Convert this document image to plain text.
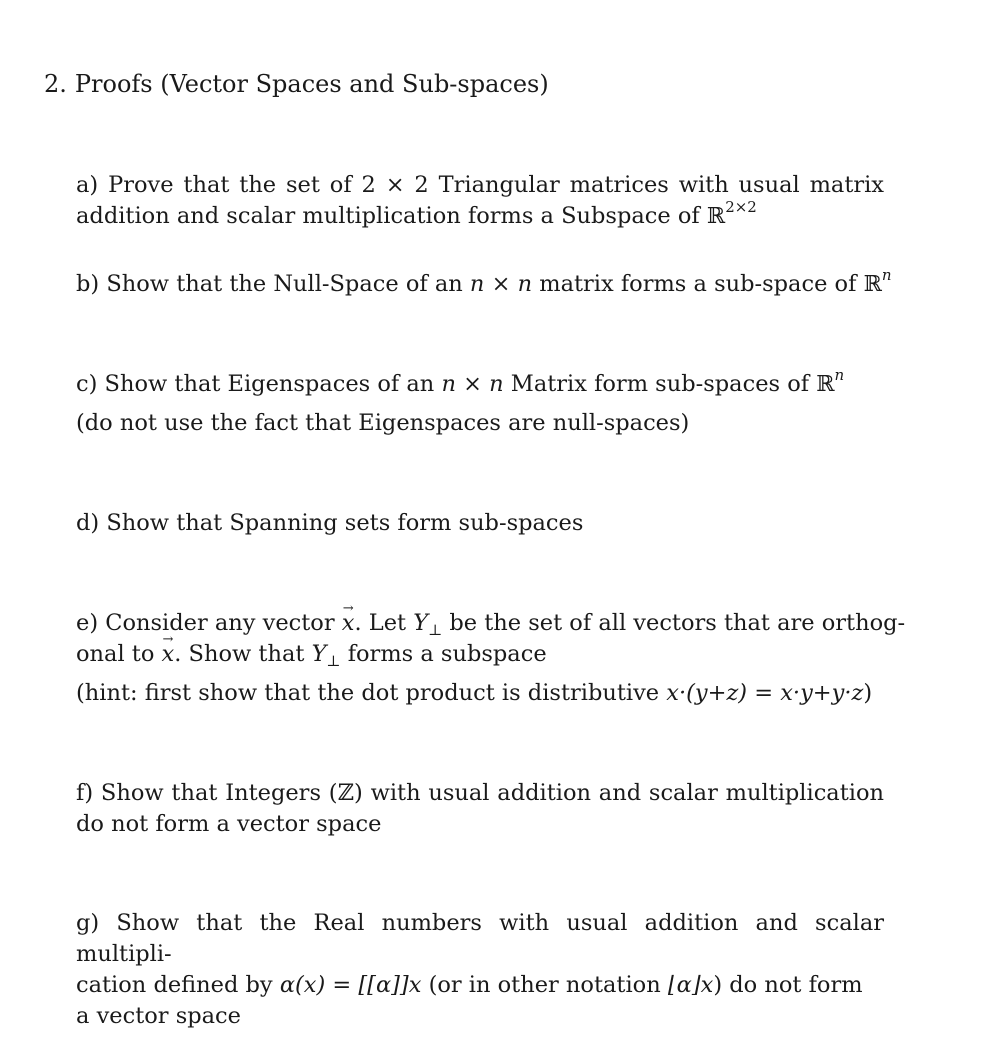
2. Proofs (Vector Spaces and Sub-spaces)
a) Prove that the set of 2 × 2 Triangular matrices with usual matrix
addition and scalar multiplication forms a Subspace of ℝ$^{2\times 2}$
b) Show that the Null-Space of an n × n matrix forms a sub-space of ℝ$^n$
c) Show that Eigenspaces of an n × n Matrix form sub-spaces of ℝ$^n$
(do not use the fact that Eigenspaces are null-spaces)
d) Show that Spanning sets form sub-spaces
e) Consider any vector → x. Let $Y_\perp$ be the set of all vectors that are orthog-
onal to → x. Show that $Y_\perp$ forms a subspace
(hint: first show that the dot product is distributive x·(y+z) = x·y+y·z)
f) Show that Integers (ℤ) with usual addition and scalar multiplication
do not form a vector space
g) Show that the Real numbers with usual addition and scalar multipli-
cation defined by α(x) = [[α]]x (or in other notation ⌊α⌋x) do not form
a vector space
